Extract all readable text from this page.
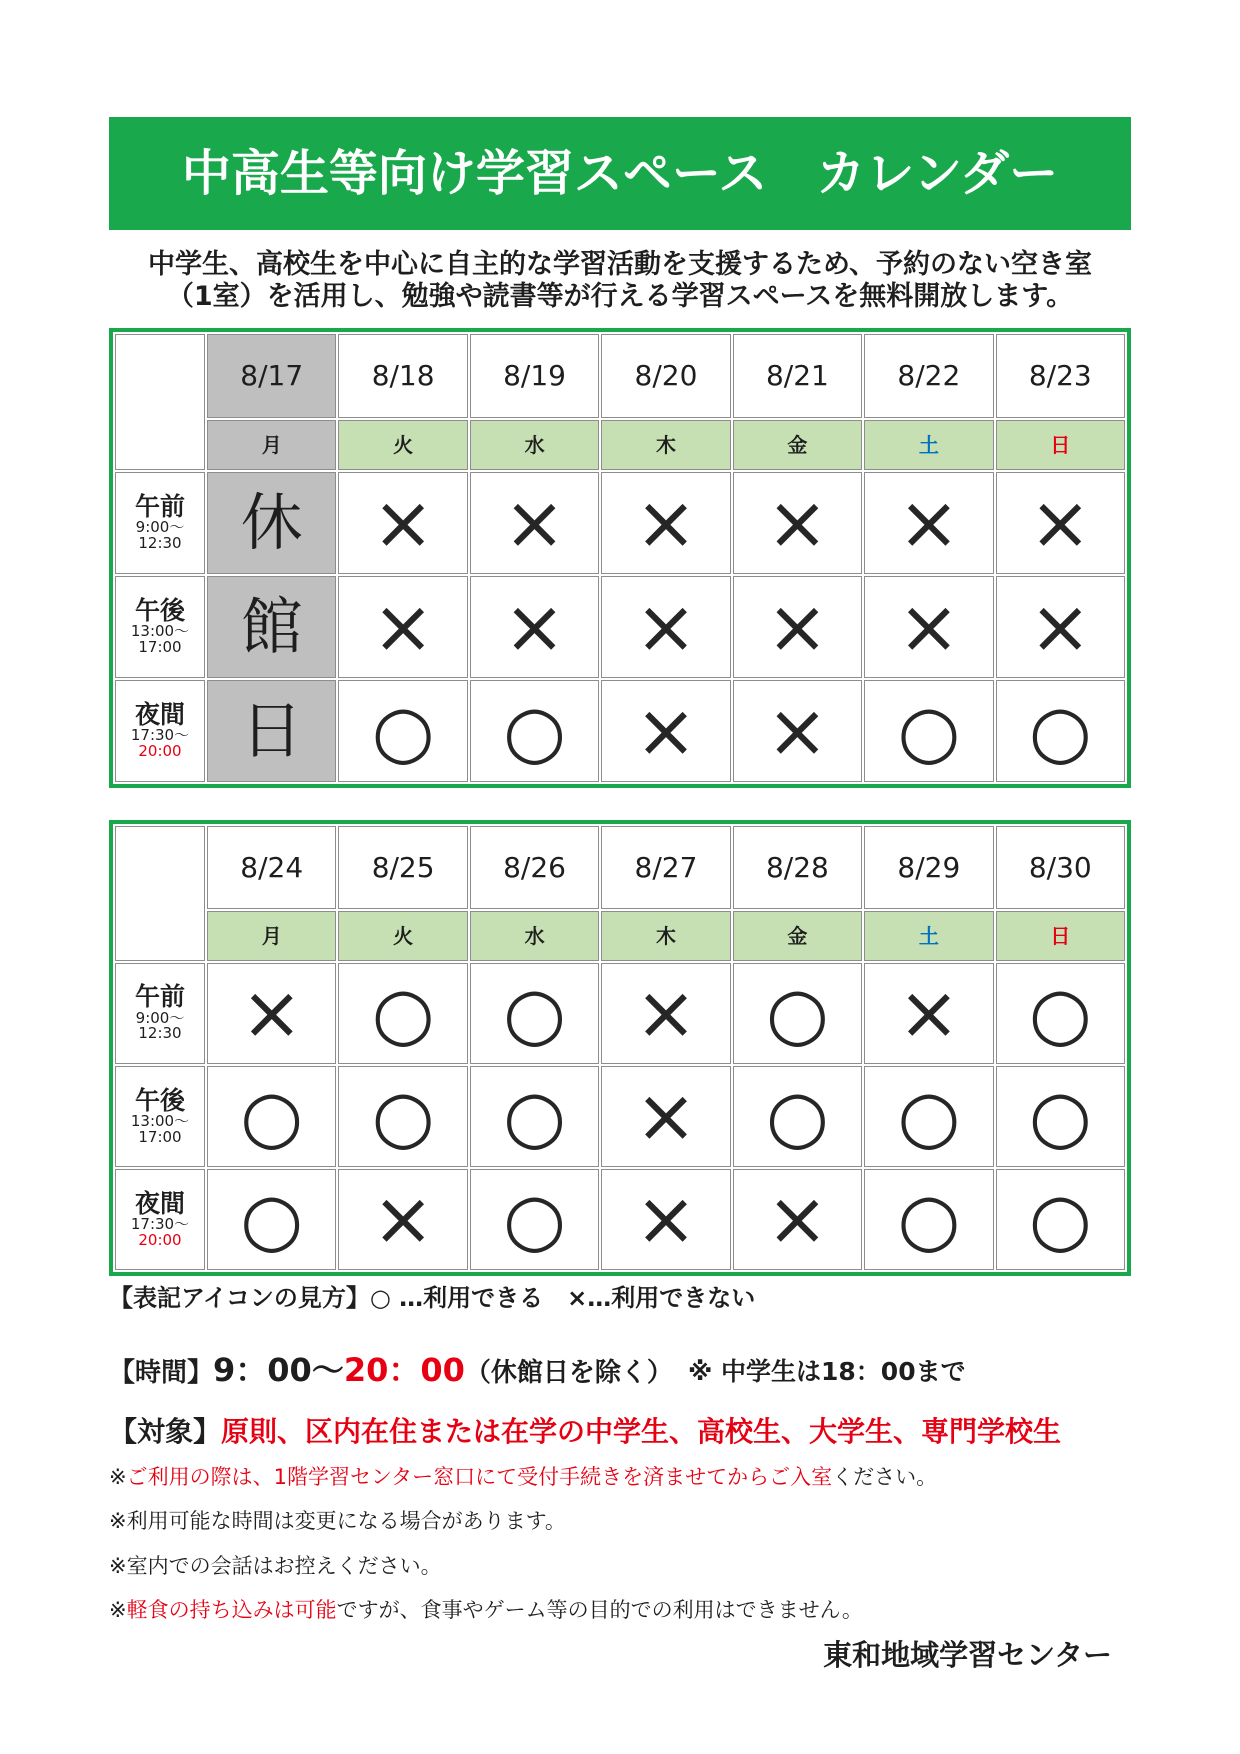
中高生等向け学習スペース　カレンダー
中学生、高校生を中心に自主的な学習活動を支援するため、予約のない空き室
（1室）を活用し、勉強や読書等が行える学習スペースを無料開放します。
午前
9:00〜
12:30
午後
13:00〜
17:00
夜間
17:30〜
20:00
8/17
月
休
館
日
8/18
火
×
×
○
8/19
水
×
×
○
8/20
木
×
×
×
8/21
金
×
×
×
8/22
土
×
×
○
8/23
日
×
×
○
午前
9:00〜
12:30
午後
13:00〜
17:00
夜間
17:30〜
20:00
8/24
月
×
○
○
8/25
火
○
○
×
8/26
水
○
○
○
8/27
木
×
×
×
8/28
金
○
○
×
8/29
土
×
○
○
8/30
日
○
○
○
【表記アイコンの見方】○ …利用できる　×…利用できない
【時間】 9：00〜 20：00 （休館日を除く） ※ 中学生は18：00まで
【対象】原則、区内在住または在学の中学生、高校生、大学生、専門学校生
※ご利用の際は、1階学習センター窓口にて受付手続きを済ませてからご入室ください。
※利用可能な時間は変更になる場合があります。
※室内での会話はお控えください。
※軽食の持ち込みは可能ですが、食事やゲーム等の目的での利用はできません。
東和地域学習センター
